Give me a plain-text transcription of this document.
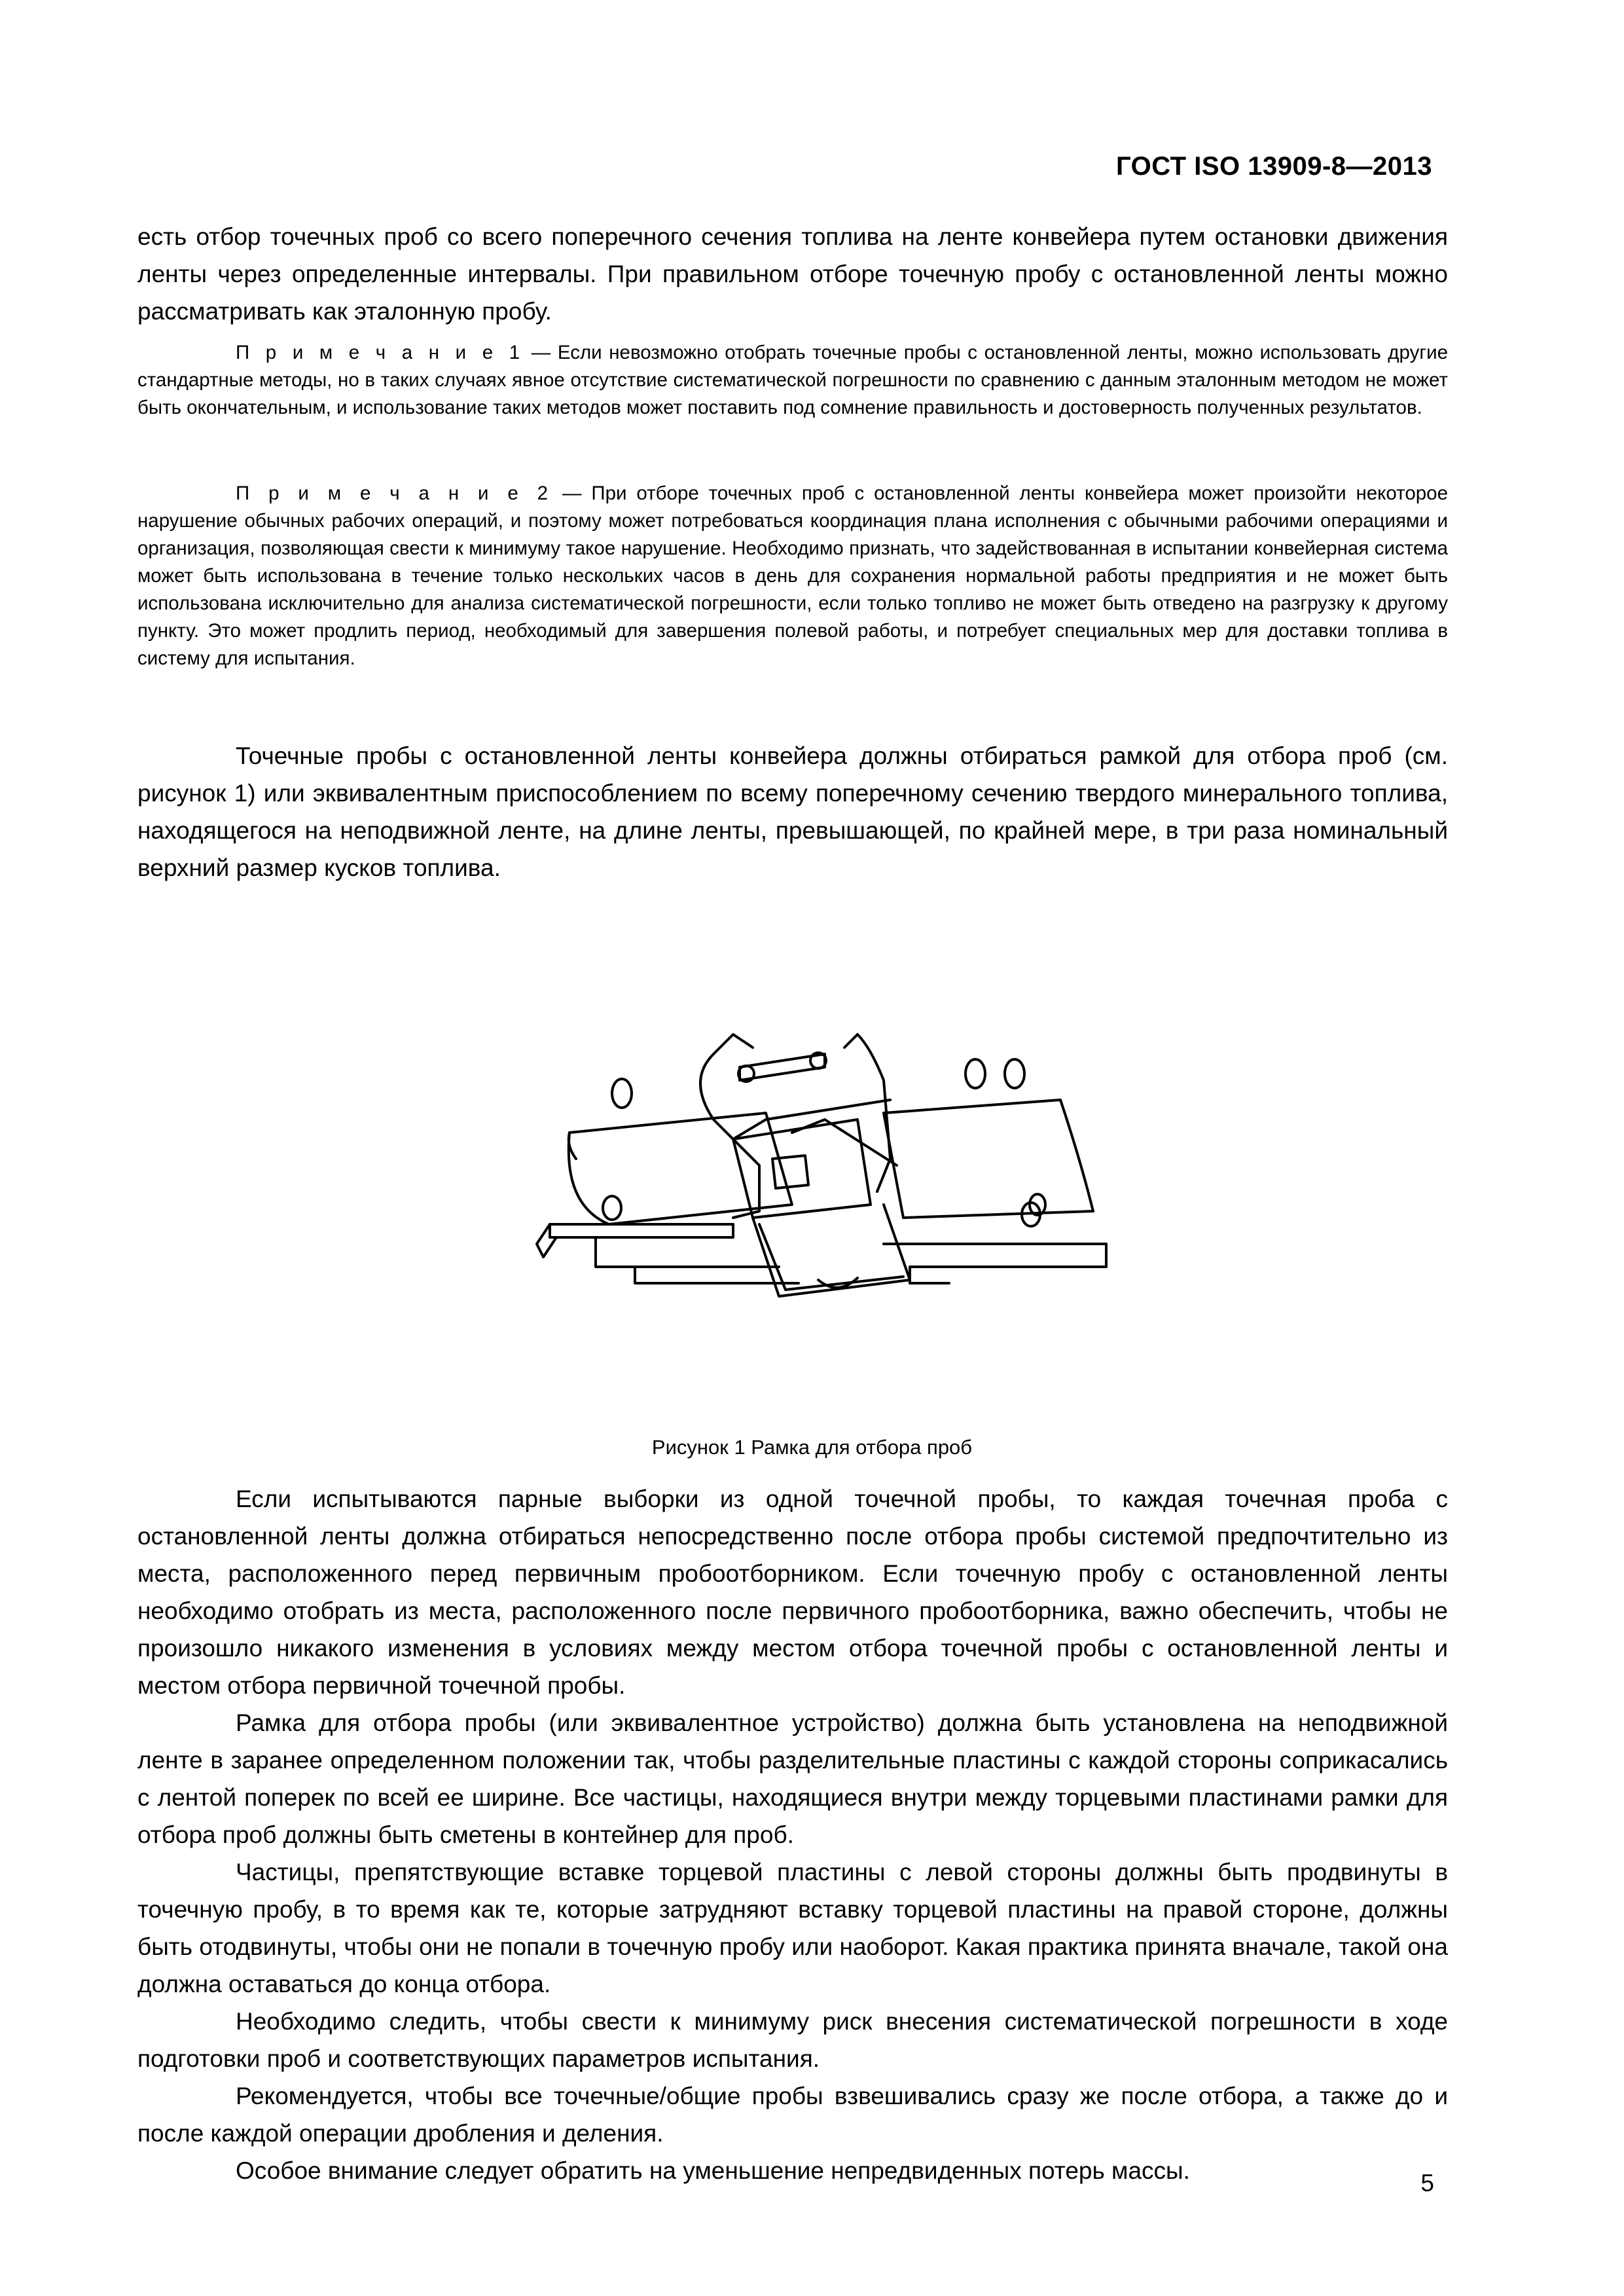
ГОСТ ISO 13909-8—2013

есть отбор точечных проб со всего поперечного сечения топлива на ленте конвейера путем остановки движения ленты через определенные интервалы. При правильном отборе точечную пробу с остановленной ленты можно рассматривать как эталонную пробу.

П р и м е ч а н и е 1 — Если невозможно отобрать точечные пробы с остановленной ленты, можно использовать другие стандартные методы, но в таких случаях явное отсутствие систематической погрешности по сравнению с данным эталонным методом не может быть окончательным, и использование таких методов может поставить под сомнение правильность и достоверность полученных результатов.

П р и м е ч а н и е 2 — При отборе точечных проб с остановленной ленты конвейера может произойти некоторое нарушение обычных рабочих операций, и поэтому может потребоваться координация плана исполнения с обычными рабочими операциями и организация, позволяющая свести к минимуму такое нарушение. Необходимо признать, что задействованная в испытании конвейерная система может быть использована в течение только нескольких часов в день для сохранения нормальной работы предприятия и не может быть использована исключительно для анализа систематической погрешности, если только топливо не может быть отведено на разгрузку к другому пункту. Это может продлить период, необходимый для завершения полевой работы, и потребует специальных мер для доставки топлива в систему для испытания.

Точечные пробы с остановленной ленты конвейера должны отбираться рамкой для отбора проб (см. рисунок 1) или эквивалентным приспособлением по всему поперечному сечению твердого минерального топлива, находящегося на неподвижной ленте, на длине ленты, превышающей, по крайней мере, в три раза номинальный верхний размер кусков топлива.

Рисунок 1 Рамка для отбора проб

Если испытываются парные выборки из одной точечной пробы, то каждая точечная проба с остановленной ленты должна отбираться непосредственно после отбора пробы системой предпочтительно из места, расположенного перед первичным пробоотборником. Если точечную пробу с остановленной ленты необходимо отобрать из места, расположенного после первичного пробоотборника, важно обеспечить, чтобы не произошло никакого изменения в условиях между местом отбора точечной пробы с остановленной ленты и местом отбора первичной точечной пробы.

Рамка для отбора пробы (или эквивалентное устройство) должна быть установлена на неподвижной ленте в заранее определенном положении так, чтобы разделительные пластины с каждой стороны соприкасались с лентой поперек по всей ее ширине. Все частицы, находящиеся внутри между торцевыми пластинами рамки для отбора проб должны быть сметены в контейнер для проб.

Частицы, препятствующие вставке торцевой пластины с левой стороны должны быть продвинуты в точечную пробу, в то время как те, которые затрудняют вставку торцевой пластины на правой стороне, должны быть отодвинуты, чтобы они не попали в точечную пробу или наоборот. Какая практика принята вначале, такой она должна оставаться до конца отбора.

Необходимо следить, чтобы свести к минимуму риск внесения систематической погрешности в ходе подготовки проб и соответствующих параметров испытания.

Рекомендуется, чтобы все точечные/общие пробы взвешивались сразу же после отбора, а также до и после каждой операции дробления и деления.

Особое внимание следует обратить на уменьшение непредвиденных потерь массы.	5
